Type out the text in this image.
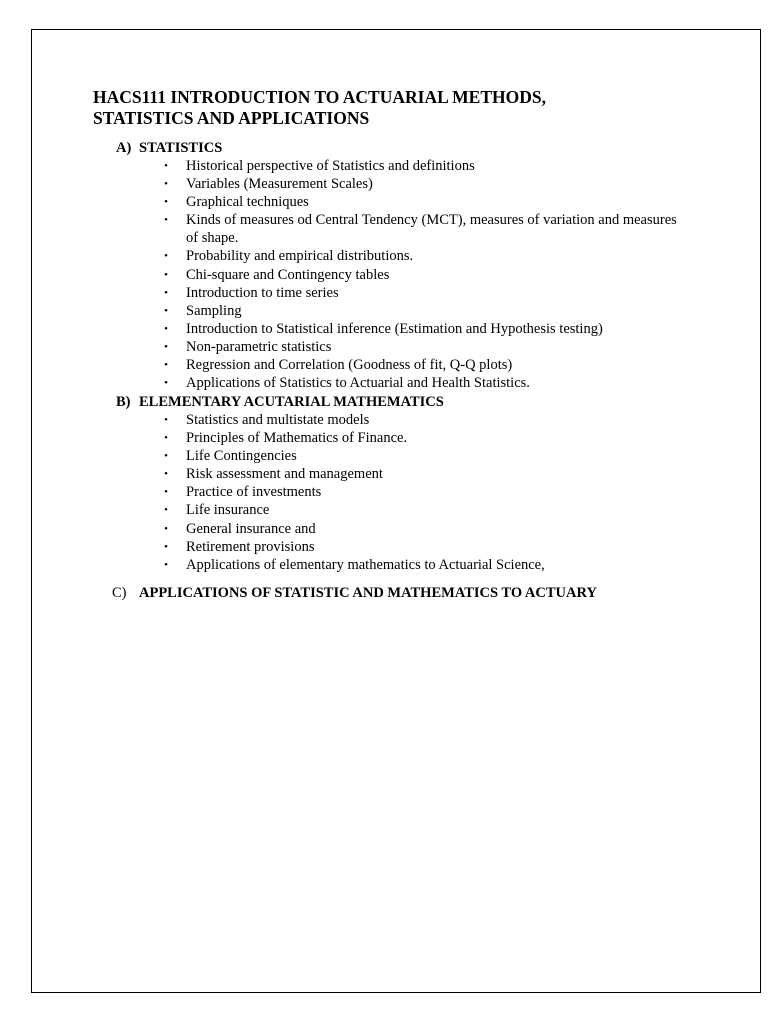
HACS111 INTRODUCTION TO ACTUARIAL METHODS,
STATISTICS AND APPLICATIONS
A) STATISTICS
• Historical perspective of Statistics and definitions
• Variables (Measurement Scales)
• Graphical techniques
• Kinds of measures od Central Tendency (MCT), measures of variation and measures of shape.
• Probability and empirical distributions.
• Chi-square and Contingency tables
• Introduction to time series
• Sampling
• Introduction to Statistical inference (Estimation and Hypothesis testing)
• Non-parametric statistics
• Regression and Correlation (Goodness of fit, Q-Q plots)
• Applications of Statistics to Actuarial and Health Statistics.
B) ELEMENTARY ACUTARIAL MATHEMATICS
• Statistics and multistate models
• Principles of Mathematics of Finance.
• Life Contingencies
• Risk assessment and management
• Practice of investments
• Life insurance
• General insurance and
• Retirement provisions
• Applications of elementary mathematics to Actuarial Science,
C) APPLICATIONS OF STATISTIC AND MATHEMATICS TO ACTUARY
